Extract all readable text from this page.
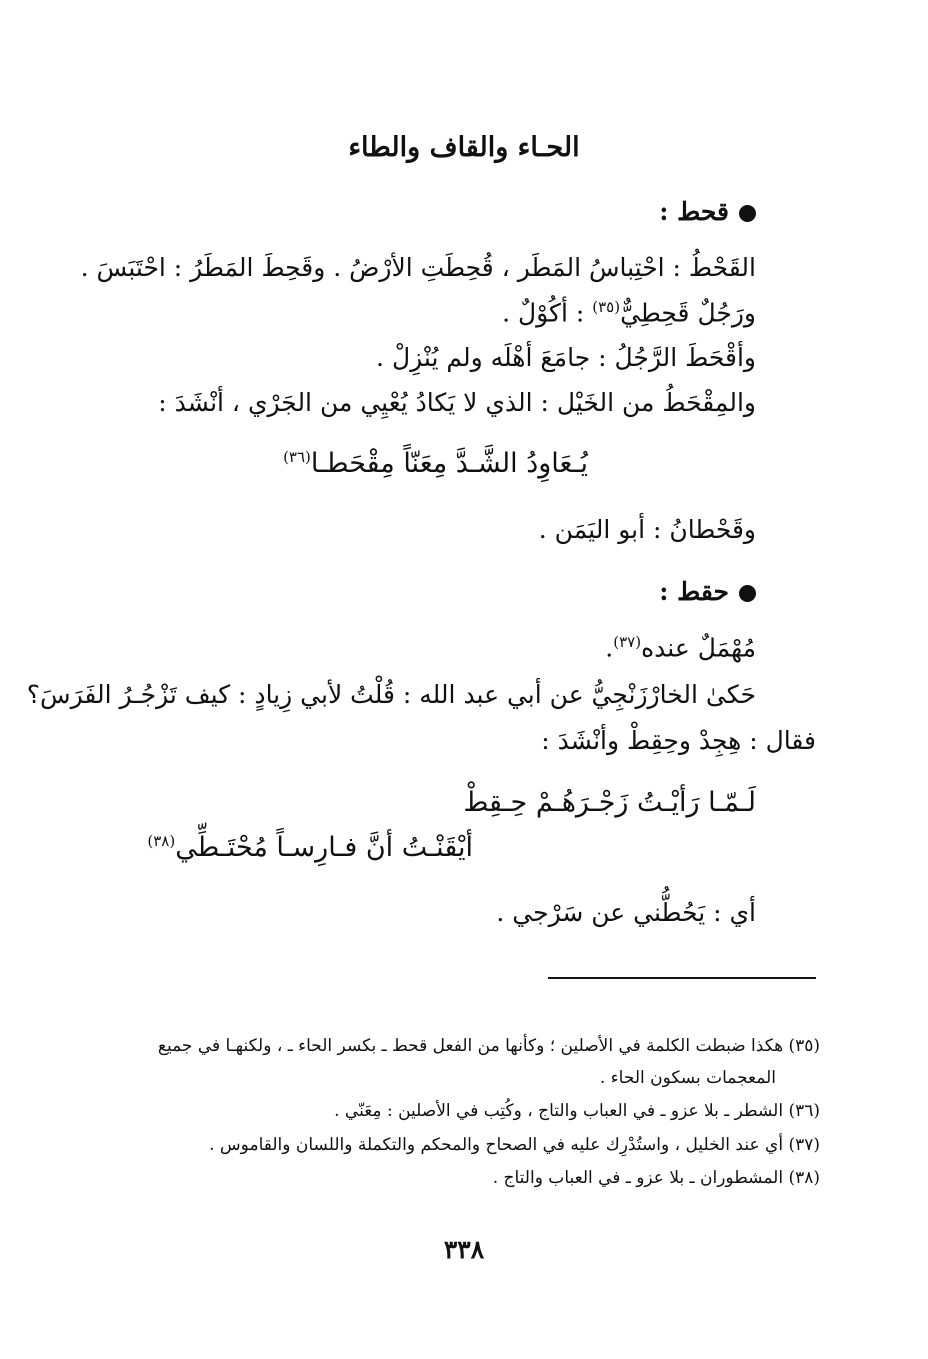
الحـاء والقاف والطاء
قحط :
القَحْطُ : احْتِباسُ المَطَر ، قُحِطَتِ الأرْضُ . وقَحِطَ المَطَرُ : احْتَبَسَ .
ورَجُلٌ قَحِطِيٌّ$^{(٣٥)}$ : أكُوْلٌ .
وأقْحَطَ الرَّجُلُ : جامَعَ أهْلَه ولم يُنْزِلْ .
والمِقْحَطُ من الخَيْل : الذي لا يَكادُ يُعْيِي من الجَرْي ، أنْشَدَ :
يُـعَاوِدُ الشَّـدَّ مِعَنّاً مِقْحَطـا$^{(٣٦)}$
وقَحْطانُ : أبو اليَمَن .
حقط :
مُهْمَلٌ عنده$^{(٣٧)}$.
حَكىٰ الخارْزَنْجِيُّ عن أبي عبد الله : قُلْتُ لأبي زِيادٍ : كيف تَزْجُـرُ الفَرَسَ؟
فقال : هِجِدْ وحِقِطْ وأنْشَدَ :
لَـمّـا رَأيْـتُ زَجْـرَهُـمْ حِـقِطْ
أيْقَنْـتُ أنَّ فـارِسـاً مُحْتَـطِّي$^{(٣٨)}$
أي : يَحُطُّني عن سَرْجي .
(٣٥) هكذا ضبطت الكلمة في الأصلين ؛ وكأنها من الفعل قحط ـ بكسر الحاء ـ ، ولكنهـا في جميع
المعجمات بسكون الحاء .
(٣٦) الشطر ـ بلا عزو ـ في العباب والتاج ، وكُتِب في الأصلين : مِعَنّي .
(٣٧) أي عند الخليل ، واستُدْرِك عليه في الصحاح والمحكم والتكملة واللسان والقاموس .
(٣٨) المشطوران ـ بلا عزو ـ في العباب والتاج .
٣٣٨
